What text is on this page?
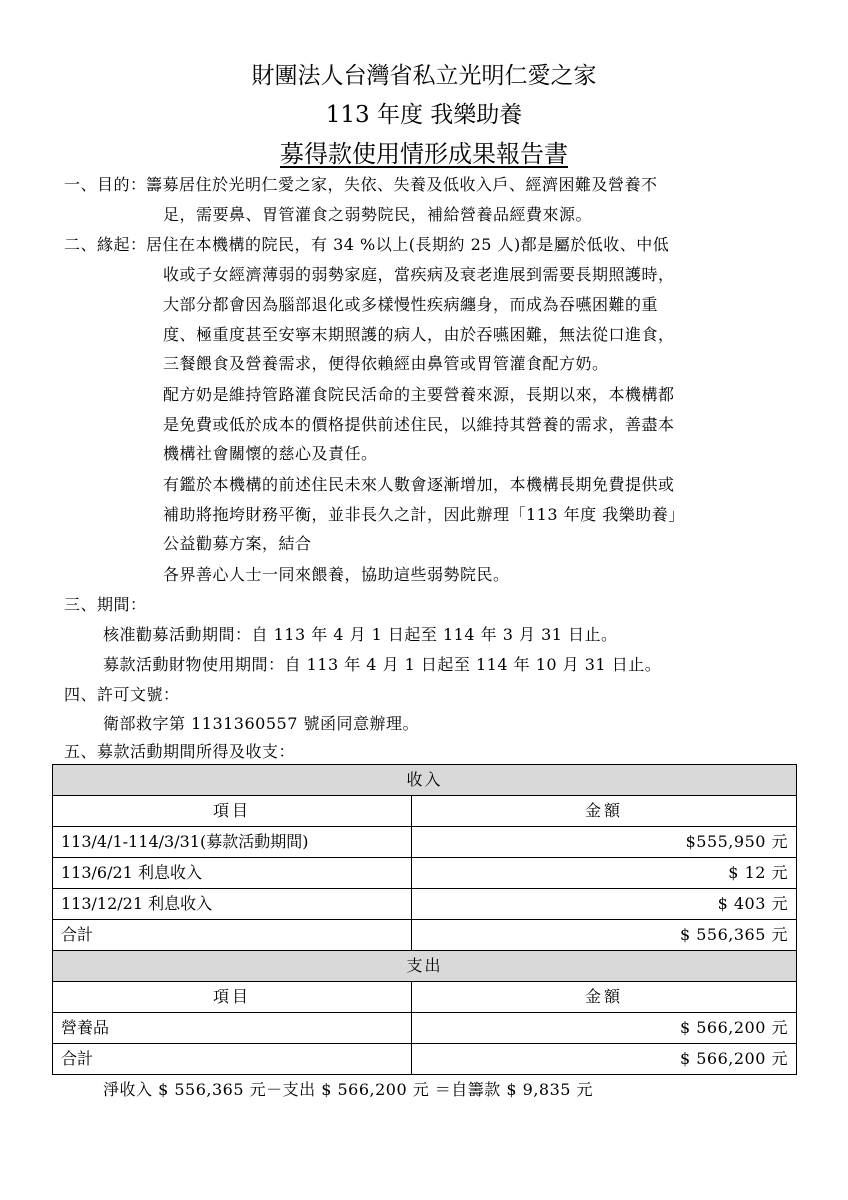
財團法人台灣省私立光明仁愛之家
113 年度 我樂助養
募得款使用情形成果報告書
一、目的： 籌募居住於光明仁愛之家，失依、失養及低收入戶、經濟困難及營養不
足，需要鼻、胃管灌食之弱勢院民，補給營養品經費來源。
二、緣起： 居住在本機構的院民，有 34 %以上(長期約 25 人)都是屬於低收、中低
收或子女經濟薄弱的弱勢家庭，當疾病及衰老進展到需要長期照護時，
大部分都會因為腦部退化或多樣慢性疾病纏身，而成為吞嚥困難的重
度、極重度甚至安寧末期照護的病人，由於吞嚥困難，無法從口進食，
三餐餵食及營養需求，便得依賴經由鼻管或胃管灌食配方奶。
配方奶是維持管路灌食院民活命的主要營養來源，長期以來，本機構都
是免費或低於成本的價格提供前述住民，以維持其營養的需求，善盡本
機構社會關懷的慈心及責任。
有鑑於本機構的前述住民未來人數會逐漸增加，本機構長期免費提供或
補助將拖垮財務平衡，並非長久之計，因此辦理「113 年度 我樂助養」
公益勸募方案，結合
各界善心人士一同來餵養，協助這些弱勢院民。
三、期間：
核准勸募活動期間：自 113 年 4 月 1 日起至 114 年 3 月 31 日止。
募款活動財物使用期間：自 113 年 4 月 1 日起至 114 年 10 月 31 日止。
四、許可文號：
衛部救字第 1131360557 號函同意辦理。
五、募款活動期間所得及收支：
收入	
項目	金額
113/4/1-114/3/31(募款活動期間)	$555,950 元
113/6/21 利息收入	$ 12 元
113/12/21 利息收入	$ 403 元
合計	$ 556,365 元
支出	
項目	金額
營養品	$ 566,200 元
合計	$ 566,200 元
淨收入 $ 556,365 元－支出 $ 566,200 元 ＝自籌款 $ 9,835 元
